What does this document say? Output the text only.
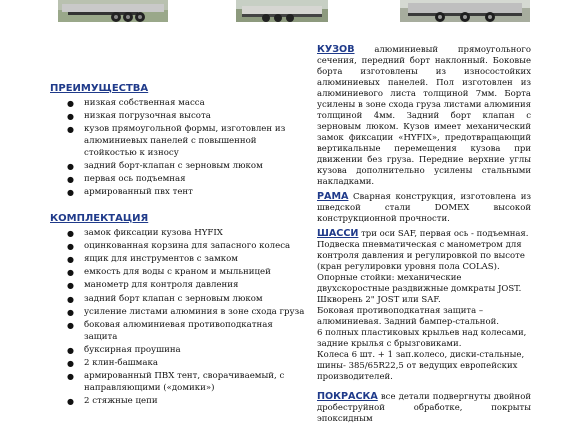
ПРЕИМУЩЕСТВА

● низкая собственная масса
● низкая погрузочная высота
● кузов прямоугольной формы, изготовлен из алюминиевых панелей с повышенной стойкостью к износу
● задний борт-клапан с зерновым люком
● первая ось подъемная
● армированный пвх тент

КОМПЛЕКТАЦИЯ

● замок фиксации кузова HYFIX
● оцинкованная корзина для запасного колеса
● ящик для инструментов с замком
● емкость для воды с краном и мыльницей
● манометр для контроля давления
● задний борт клапан с зерновым люком
● усиление листами алюминия в зоне схода груза
● боковая алюминиевая противоподкатная защита
● буксирная проушина
● 2 клин-башмака
● армированный ПВХ тент, сворачиваемый, с направляющими («домики»)
● 2 стяжные цепи

КУЗОВ алюминиевый прямоугольного сечения, передний борт наклонный. Боковые борта изготовлены из износостойких алюминиевых панелей. Пол изготовлен из алюминиевого листа толщиной 7мм. Борта усилены в зоне схода груза листами алюминия толщиной 4мм. Задний борт клапан с зерновым люком. Кузов имеет механический замок фиксации «HYFIX», предотвращающий вертикальные перемещения кузова при движении без груза. Передние верхние углы кузова дополнительно усилены стальными накладками.

РАМА Сварная конструкция, изготовлена из шведской стали DOMEX высокой конструкционной прочности.

ШАССИ три оси SAF, первая ось - подъемная.

Подвеска пневматическая с манометром для контроля давления и регулировкой по высоте (кран регулировки уровня пола COLAS).

Опорные стойки: механические двухскоростные раздвижные домкраты JOST.

Шкворень 2" JOST или SAF.

Боковая противоподкатная защита – алюминиевая. Задний бампер-стальной.

6 полных пластиковых крыльев над колесами, задние крылья с брызговиками.

Колеса 6 шт. + 1 зап.колесо, диски-стальные, шины- 385/65R22,5 от ведущих европейских производителей.

ПОКРАСКА все детали подвергнуты двойной дробеструйной обработке, покрыты эпоксидным
